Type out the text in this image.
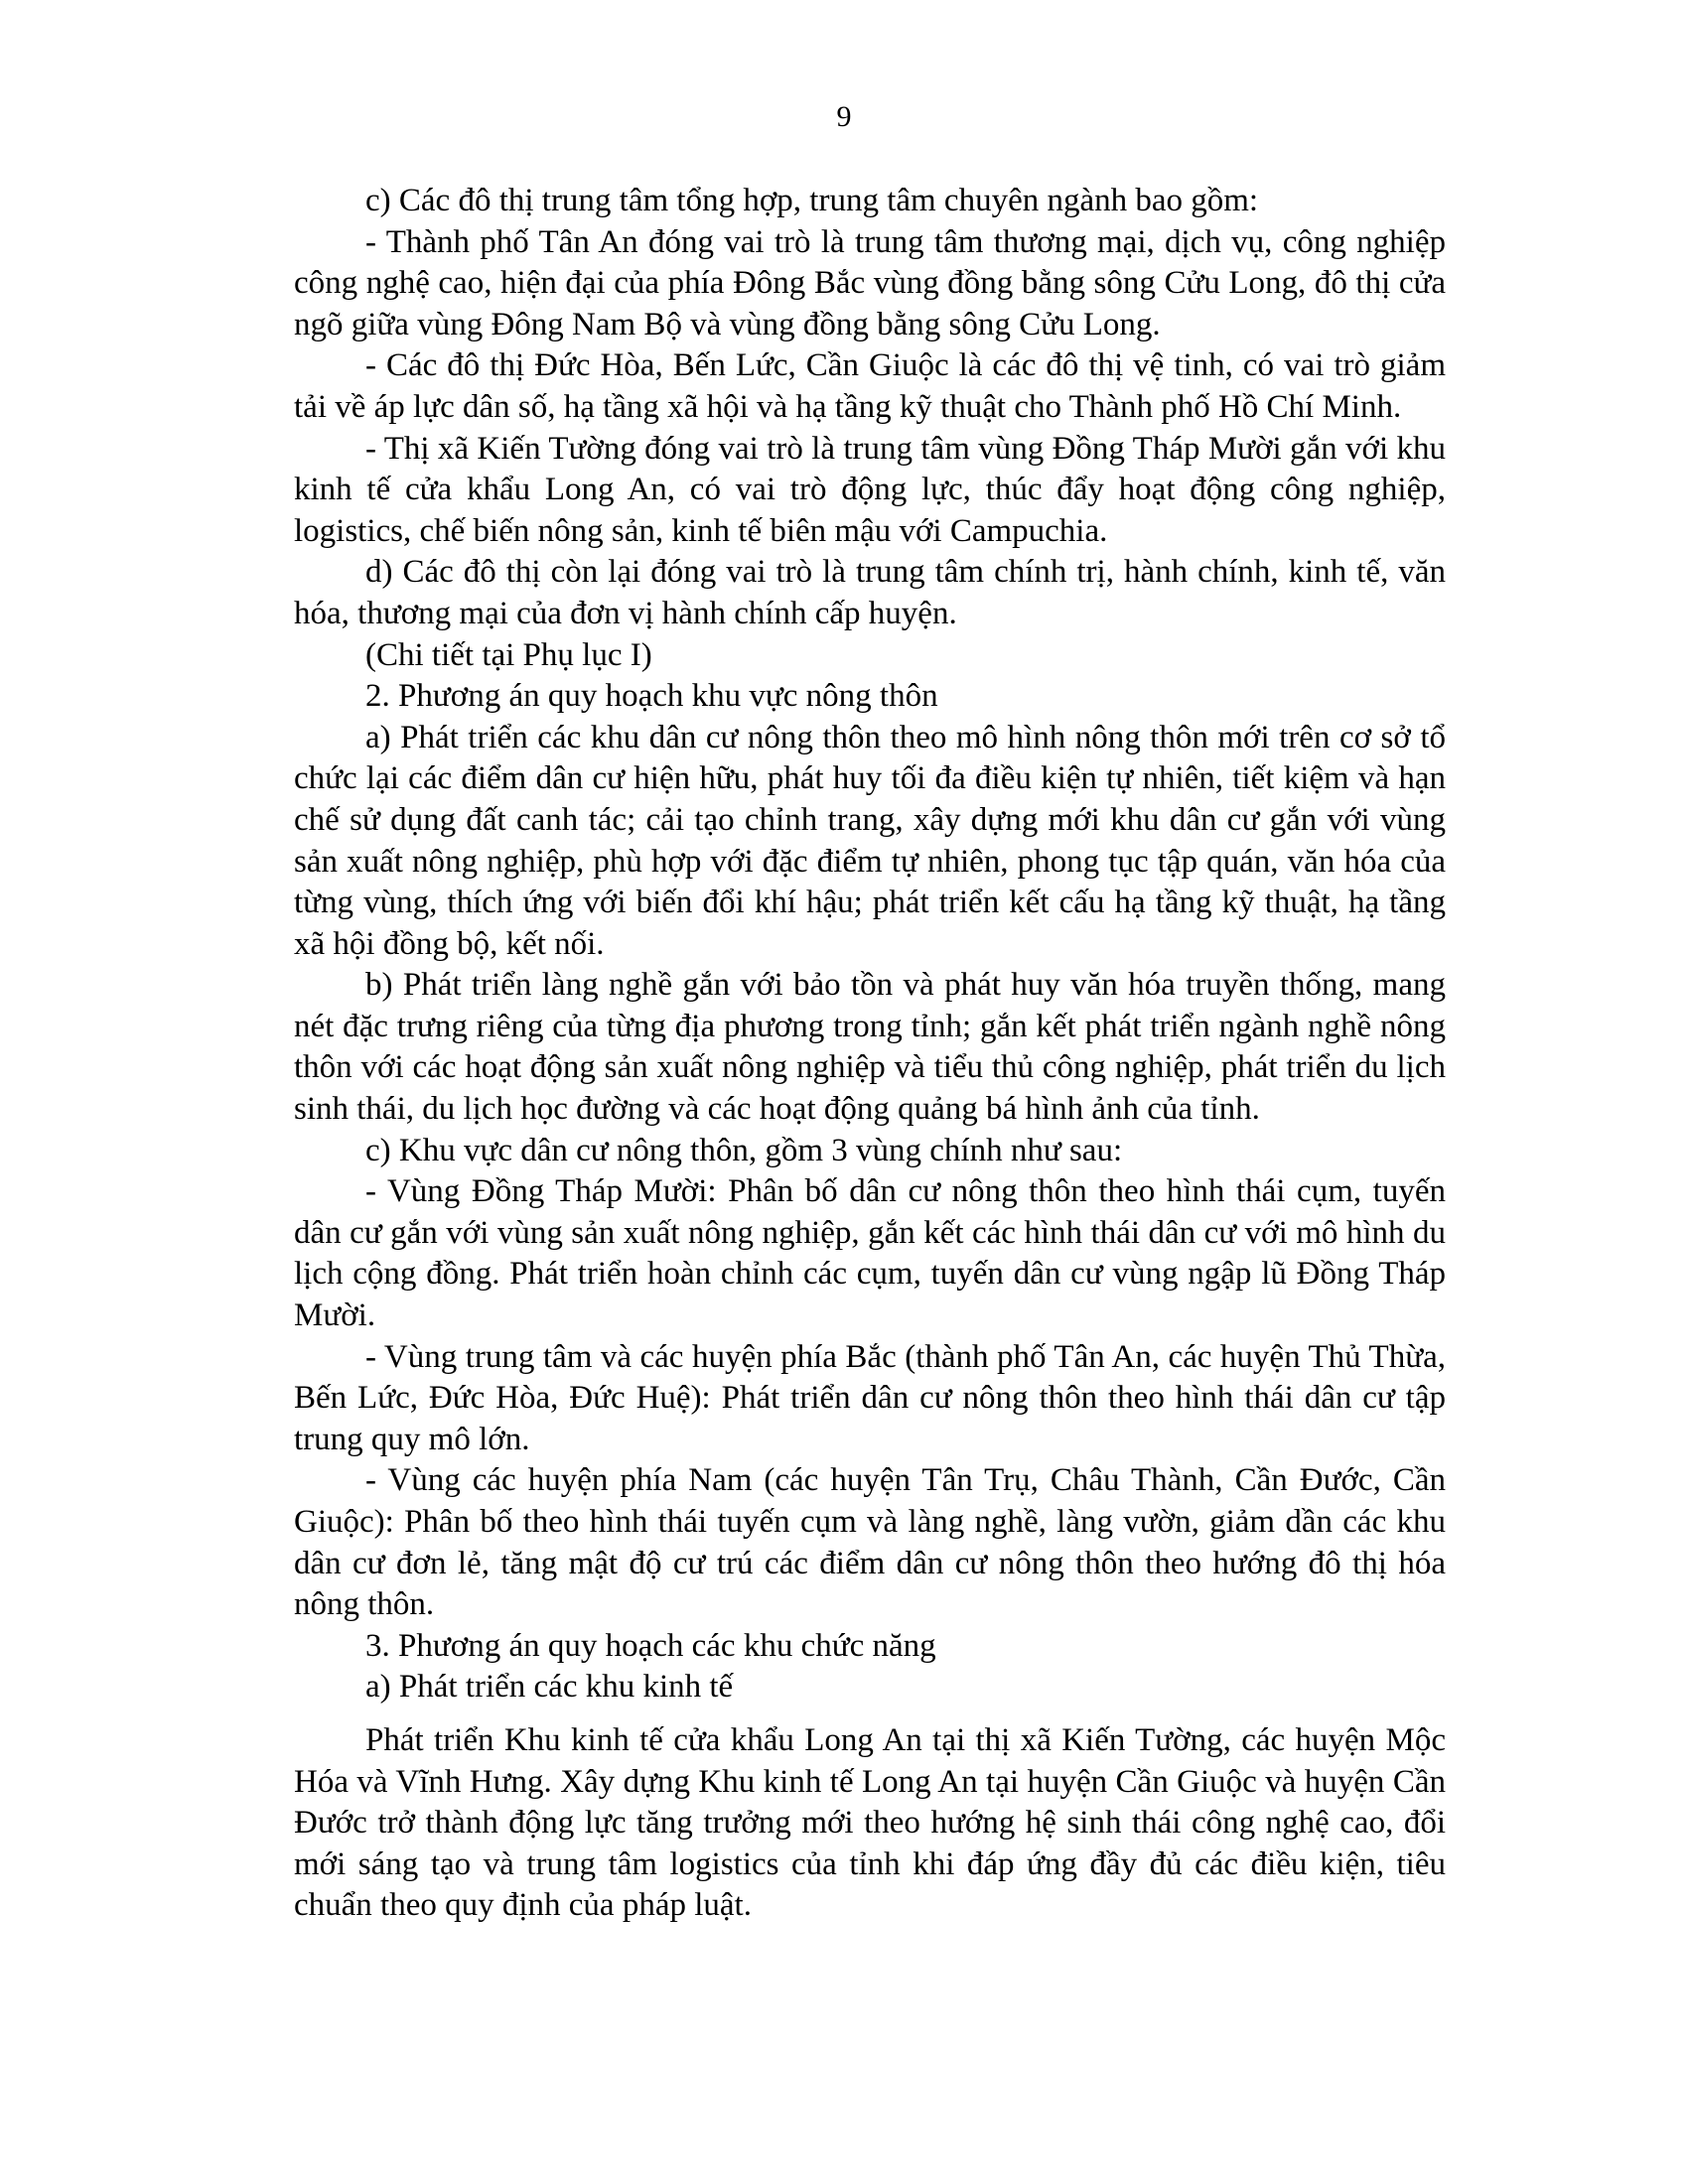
9

c) Các đô thị trung tâm tổng hợp, trung tâm chuyên ngành bao gồm:

- Thành phố Tân An đóng vai trò là trung tâm thương mại, dịch vụ, công nghiệp công nghệ cao, hiện đại của phía Đông Bắc vùng đồng bằng sông Cửu Long, đô thị cửa ngõ giữa vùng Đông Nam Bộ và vùng đồng bằng sông Cửu Long.

- Các đô thị Đức Hòa, Bến Lức, Cần Giuộc là các đô thị vệ tinh, có vai trò giảm tải về áp lực dân số, hạ tầng xã hội và hạ tầng kỹ thuật cho Thành phố Hồ Chí Minh.

- Thị xã Kiến Tường đóng vai trò là trung tâm vùng Đồng Tháp Mười gắn với khu kinh tế cửa khẩu Long An, có vai trò động lực, thúc đẩy hoạt động công nghiệp, logistics, chế biến nông sản, kinh tế biên mậu với Campuchia.

d) Các đô thị còn lại đóng vai trò là trung tâm chính trị, hành chính, kinh tế, văn hóa, thương mại của đơn vị hành chính cấp huyện.

(Chi tiết tại Phụ lục I)

2. Phương án quy hoạch khu vực nông thôn

a) Phát triển các khu dân cư nông thôn theo mô hình nông thôn mới trên cơ sở tổ chức lại các điểm dân cư hiện hữu, phát huy tối đa điều kiện tự nhiên, tiết kiệm và hạn chế sử dụng đất canh tác; cải tạo chỉnh trang, xây dựng mới khu dân cư gắn với vùng sản xuất nông nghiệp, phù hợp với đặc điểm tự nhiên, phong tục tập quán, văn hóa của từng vùng, thích ứng với biến đổi khí hậu; phát triển kết cấu hạ tầng kỹ thuật, hạ tầng xã hội đồng bộ, kết nối.

b) Phát triển làng nghề gắn với bảo tồn và phát huy văn hóa truyền thống, mang nét đặc trưng riêng của từng địa phương trong tỉnh; gắn kết phát triển ngành nghề nông thôn với các hoạt động sản xuất nông nghiệp và tiểu thủ công nghiệp, phát triển du lịch sinh thái, du lịch học đường và các hoạt động quảng bá hình ảnh của tỉnh.

c) Khu vực dân cư nông thôn, gồm 3 vùng chính như sau:

- Vùng Đồng Tháp Mười: Phân bố dân cư nông thôn theo hình thái cụm, tuyến dân cư gắn với vùng sản xuất nông nghiệp, gắn kết các hình thái dân cư với mô hình du lịch cộng đồng. Phát triển hoàn chỉnh các cụm, tuyến dân cư vùng ngập lũ Đồng Tháp Mười.

- Vùng trung tâm và các huyện phía Bắc (thành phố Tân An, các huyện Thủ Thừa, Bến Lức, Đức Hòa, Đức Huệ): Phát triển dân cư nông thôn theo hình thái dân cư tập trung quy mô lớn.

- Vùng các huyện phía Nam (các huyện Tân Trụ, Châu Thành, Cần Đước, Cần Giuộc): Phân bố theo hình thái tuyến cụm và làng nghề, làng vườn, giảm dần các khu dân cư đơn lẻ, tăng mật độ cư trú các điểm dân cư nông thôn theo hướng đô thị hóa nông thôn.

3. Phương án quy hoạch các khu chức năng

a) Phát triển các khu kinh tế

Phát triển Khu kinh tế cửa khẩu Long An tại thị xã Kiến Tường, các huyện Mộc Hóa và Vĩnh Hưng. Xây dựng Khu kinh tế Long An tại huyện Cần Giuộc và huyện Cần Đước trở thành động lực tăng trưởng mới theo hướng hệ sinh thái công nghệ cao, đổi mới sáng tạo và trung tâm logistics của tỉnh khi đáp ứng đầy đủ các điều kiện, tiêu chuẩn theo quy định của pháp luật.
